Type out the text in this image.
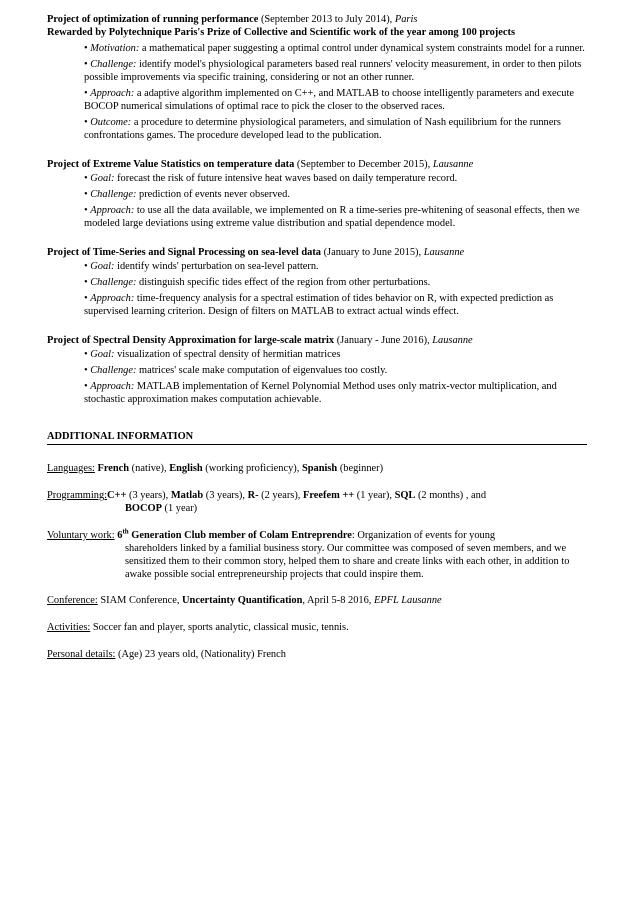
Project of optimization of running performance (September 2013 to July 2014), Paris
Rewarded by Polytechnique Paris's Prize of Collective and Scientific work of the year among 100 projects
• Motivation: a mathematical paper suggesting a optimal control under dynamical system constraints model for a runner.
• Challenge: identify model's physiological parameters based real runners' velocity measurement, in order to then pilots possible improvements via specific training, considering or not an other runner.
• Approach: a adaptive algorithm implemented on C++, and MATLAB to choose intelligently parameters and execute BOCOP numerical simulations of optimal race to pick the closer to the observed races.
• Outcome: a procedure to determine physiological parameters, and simulation of Nash equilibrium for the runners confrontations games. The procedure developed lead to the publication.
Project of Extreme Value Statistics on temperature data (September to December 2015), Lausanne
• Goal: forecast the risk of future intensive heat waves based on daily temperature record.
• Challenge: prediction of events never observed.
• Approach: to use all the data available, we implemented on R a time-series pre-whitening of seasonal effects, then we modeled large deviations using extreme value distribution and spatial dependence model.
Project of Time-Series and Signal Processing on sea-level data (January to June 2015), Lausanne
• Goal: identify winds' perturbation on sea-level pattern.
• Challenge: distinguish specific tides effect of the region from other perturbations.
• Approach: time-frequency analysis for a spectral estimation of tides behavior on R, with expected prediction as supervised learning criterion. Design of filters on MATLAB to extract actual winds effect.
Project of Spectral Density Approximation for large-scale matrix (January - June 2016), Lausanne
• Goal: visualization of spectral density of hermitian matrices
• Challenge: matrices' scale make computation of eigenvalues too costly.
• Approach: MATLAB implementation of Kernel Polynomial Method uses only matrix-vector multiplication, and stochastic approximation makes computation achievable.
ADDITIONAL INFORMATION
Languages: French (native), English (working proficiency), Spanish (beginner)
Programming:C++ (3 years), Matlab (3 years), R- (2 years), Freefem ++ (1 year), SQL (2 months) , and
BOCOP (1 year)
Voluntary work: 6th Generation Club member of Colam Entreprendre: Organization of events for young
shareholders linked by a familial business story. Our committee was composed of seven members, and we sensitized them to their common story, helped them to share and create links with each other, in addition to awake possible social entrepreneurship projects that could inspire them.
Conference: SIAM Conference, Uncertainty Quantification, April 5-8 2016, EPFL Lausanne
Activities: Soccer fan and player, sports analytic, classical music, tennis.
Personal details: (Age) 23 years old, (Nationality) French
